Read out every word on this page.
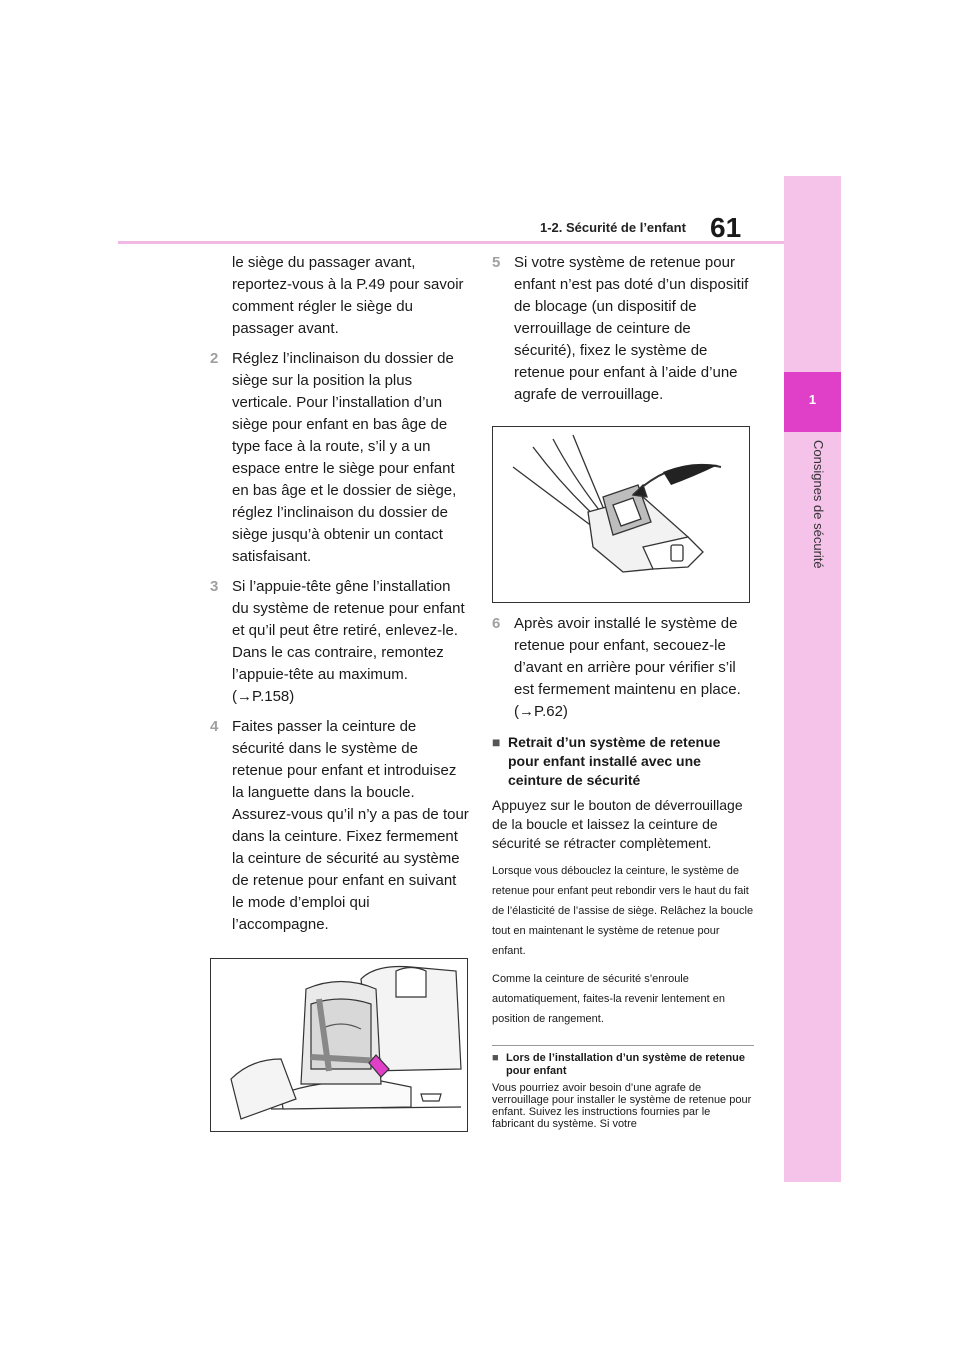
1-2. Sécurité de l’enfant 61
1
Consignes de sécurité

le siège du passager avant, reportez-vous à la P.49 pour savoir comment régler le siège du passager avant.

2 Réglez l’inclinaison du dossier de siège sur la position la plus verticale. Pour l’installation d’un siège pour enfant en bas âge de type face à la route, s’il y a un espace entre le siège pour enfant en bas âge et le dossier de siège, réglez l’inclinaison du dossier de siège jusqu’à obtenir un contact satisfaisant.
3 Si l’appuie-tête gêne l’installation du système de retenue pour enfant et qu’il peut être retiré, enlevez-le. Dans le cas contraire, remontez l’appuie-tête au maximum.
(→P.158)
4 Faites passer la ceinture de sécurité dans le système de retenue pour enfant et introduisez la languette dans la boucle. Assurez-vous qu’il n’y a pas de tour dans la ceinture. Fixez fermement la ceinture de sécurité au système de retenue pour enfant en suivant le mode d’emploi qui l’accompagne.
5 Si votre système de retenue pour enfant n’est pas doté d’un dispositif de blocage (un dispositif de verrouillage de ceinture de sécurité), fixez le système de retenue pour enfant à l’aide d’une agrafe de verrouillage.
6 Après avoir installé le système de retenue pour enfant, secouez-le d’avant en arrière pour vérifier s’il est fermement maintenu en place.
(→P.62)
■ Retrait d’un système de retenue pour enfant installé avec une ceinture de sécurité

Appuyez sur le bouton de déverrouillage de la boucle et laissez la ceinture de sécurité se rétracter complètement.

Lorsque vous débouclez la ceinture, le système de retenue pour enfant peut rebondir vers le haut du fait de l’élasticité de l’assise de siège. Relâchez la boucle tout en maintenant le système de retenue pour enfant.

Comme la ceinture de sécurité s’enroule automatiquement, faites-la revenir lentement en position de rangement.

■ Lors de l’installation d’un système de retenue pour enfant

Vous pourriez avoir besoin d’une agrafe de verrouillage pour installer le système de retenue pour enfant. Suivez les instructions fournies par le fabricant du système. Si votre
